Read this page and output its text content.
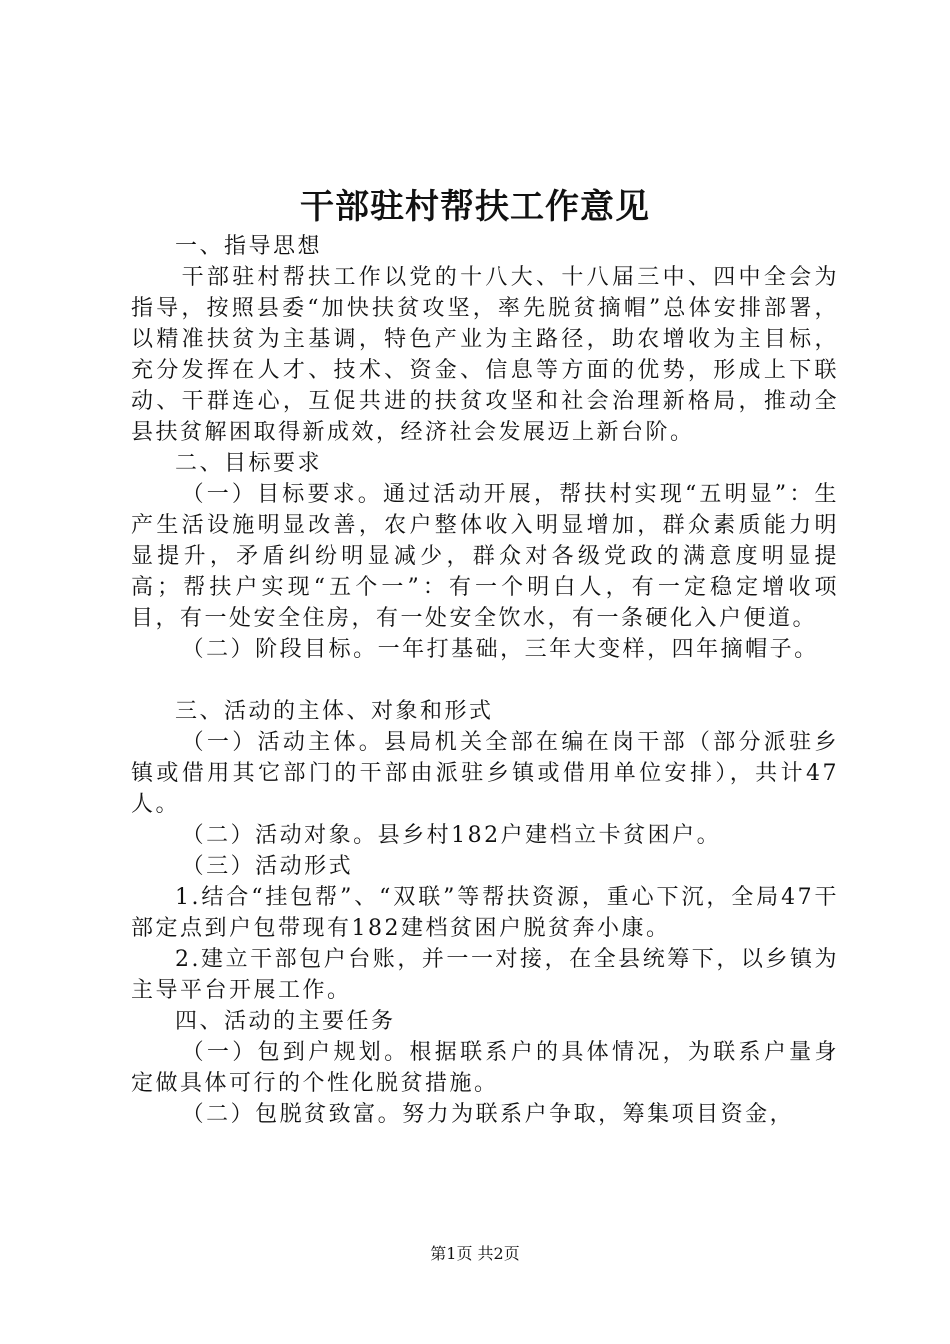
干部驻村帮扶工作意见

一、指导思想

干部驻村帮扶工作以党的十八大、十八届三中、四中全会为指导，按照县委“加快扶贫攻坚，率先脱贫摘帽”总体安排部署，以精准扶贫为主基调，特色产业为主路径，助农增收为主目标，充分发挥在人才、技术、资金、信息等方面的优势，形成上下联动、干群连心，互促共进的扶贫攻坚和社会治理新格局，推动全县扶贫解困取得新成效，经济社会发展迈上新台阶。

二、目标要求

（一）目标要求。通过活动开展，帮扶村实现“五明显”：生产生活设施明显改善，农户整体收入明显增加，群众素质能力明显提升，矛盾纠纷明显减少，群众对各级党政的满意度明显提高；帮扶户实现“五个一”：有一个明白人，有一定稳定增收项目，有一处安全住房，有一处安全饮水，有一条硬化入户便道。

（二）阶段目标。一年打基础，三年大变样，四年摘帽子。

三、活动的主体、对象和形式

（一）活动主体。县局机关全部在编在岗干部（部分派驻乡镇或借用其它部门的干部由派驻乡镇或借用单位安排），共计47人。

（二）活动对象。县乡村182户建档立卡贫困户。

（三）活动形式

1.结合“挂包帮”、“双联”等帮扶资源，重心下沉，全局47干部定点到户包带现有182建档贫困户脱贫奔小康。

2.建立干部包户台账，并一一对接，在全县统筹下，以乡镇为主导平台开展工作。

四、活动的主要任务

（一）包到户规划。根据联系户的具体情况，为联系户量身定做具体可行的个性化脱贫措施。

（二）包脱贫致富。努力为联系户争取，筹集项目资金，

第1页 共2页
